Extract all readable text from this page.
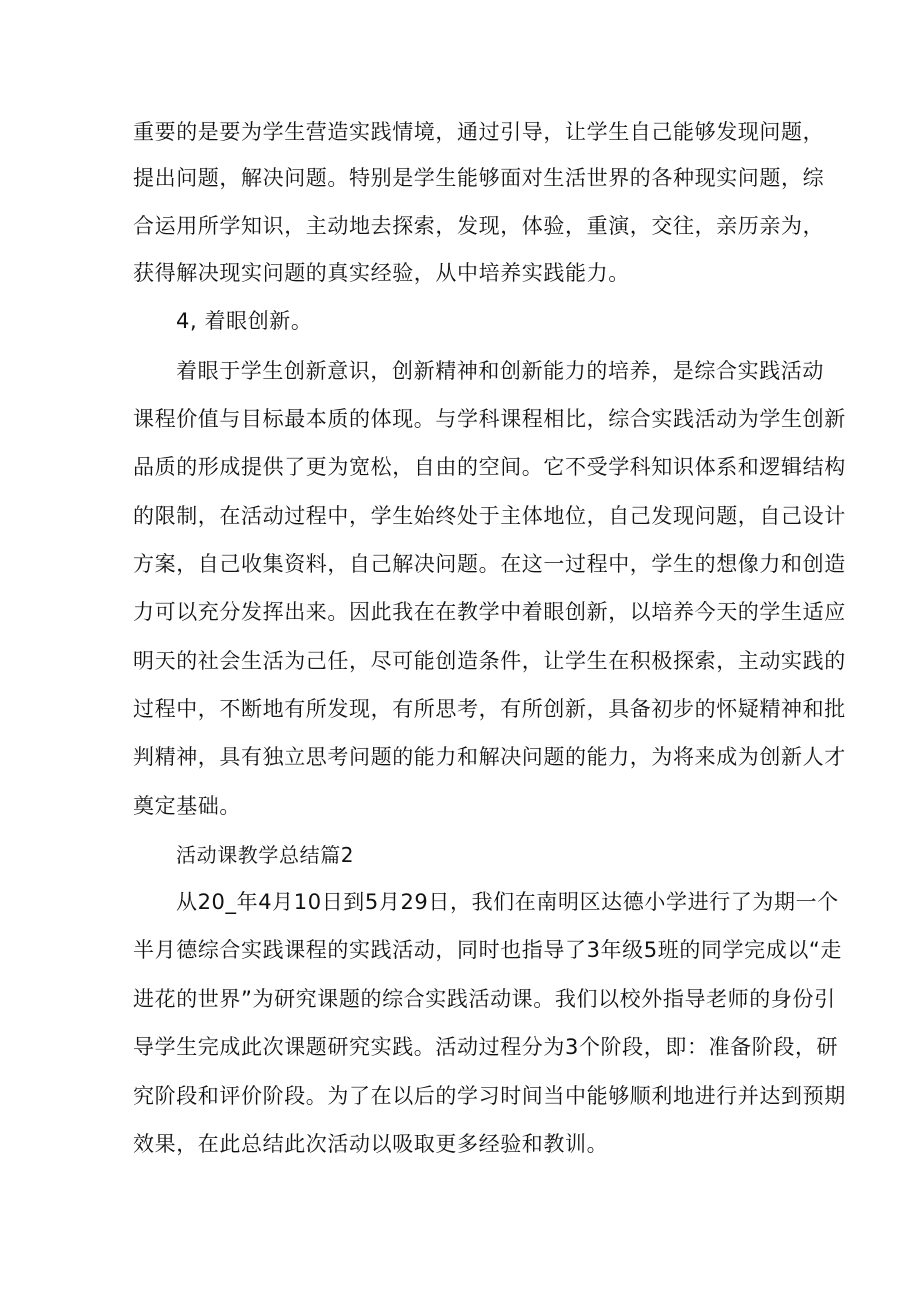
重要的是要为学生营造实践情境，通过引导，让学生自己能够发现问题，
提出问题，解决问题。特别是学生能够面对生活世界的各种现实问题，综
合运用所学知识，主动地去探索，发现，体验，重演，交往，亲历亲为，
获得解决现实问题的真实经验，从中培养实践能力。
4, 着眼创新。
着眼于学生创新意识，创新精神和创新能力的培养，是综合实践活动
课程价值与目标最本质的体现。与学科课程相比，综合实践活动为学生创新
品质的形成提供了更为宽松，自由的空间。它不受学科知识体系和逻辑结构
的限制，在活动过程中，学生始终处于主体地位，自己发现问题，自己设计
方案，自己收集资料，自己解决问题。在这一过程中，学生的想像力和创造
力可以充分发挥出来。因此我在在教学中着眼创新，以培养今天的学生适应
明天的社会生活为己任，尽可能创造条件，让学生在积极探索，主动实践的
过程中，不断地有所发现，有所思考，有所创新，具备初步的怀疑精神和批
判精神，具有独立思考问题的能力和解决问题的能力，为将来成为创新人才
奠定基础。
活动课教学总结篇2
从20_年4月10日到5月29日，我们在南明区达德小学进行了为期一个
半月德综合实践课程的实践活动，同时也指导了3年级5班的同学完成以“走
进花的世界”为研究课题的综合实践活动课。我们以校外指导老师的身份引
导学生完成此次课题研究实践。活动过程分为3个阶段，即：准备阶段，研
究阶段和评价阶段。为了在以后的学习时间当中能够顺利地进行并达到预期
效果，在此总结此次活动以吸取更多经验和教训。
